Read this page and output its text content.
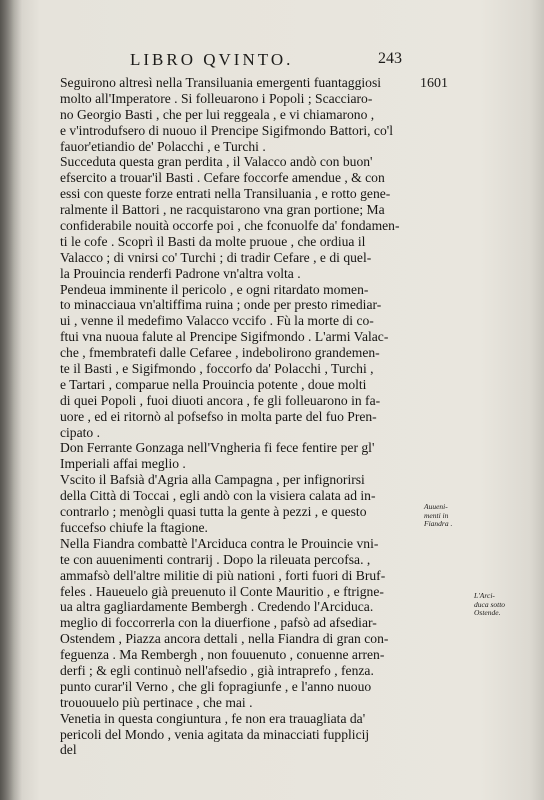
LIBRO QVINTO.	243
1601
Seguirono altresì nella Transiluania emergenti fuantaggiosi
molto all'Imperatore . Si folleuarono i Popoli ; Scacciaro-
no Georgio Basti , che per lui reggeala , e vi chiamarono ,
e v'introdufsero di nuouo il Prencipe Sigifmondo Battori, co'l
fauor'etiandio de' Polacchi , e Turchi .
Succeduta questa gran perdita , il Valacco andò con buon'
efsercito a trouar'il Basti . Cefare foccorfe amendue , & con
essi con queste forze entrati nella Transiluania , e rotto gene-
ralmente il Battori , ne racquistarono vna gran portione; Ma
confiderabile nouità occorfe poi , che fconuolfe da' fondamen-
ti le cofe . Scoprì il Basti da molte pruoue , che ordiua il
Valacco ; di vnirsi co' Turchi ; di tradir Cefare , e di quel-
la Prouincia renderfi Padrone vn'altra volta .
Pendeua imminente il pericolo , e ogni ritardato momen-
to minacciaua vn'altiffima ruina ; onde per presto rimediar-
ui , venne il medefimo Valacco vccifo . Fù la morte di co-
ftui vna nuoua falute al Prencipe Sigifmondo . L'armi Valac-
che , fmembratefi dalle Cefaree , indebolirono grandemen-
te il Basti , e Sigifmondo , foccorfo da' Polacchi , Turchi ,
e Tartari , comparue nella Prouincia potente , doue molti
di quei Popoli , fuoi diuoti ancora , fe gli folleuarono in fa-
uore , ed ei ritornò al pofsefso in molta parte del fuo Pren-
cipato .
Don Ferrante Gonzaga nell'Vngheria fi fece fentire per gl'
Imperiali affai meglio .
Vscito il Bafsià d'Agria alla Campagna , per infignorirsi
della Città di Toccai , egli andò con la visiera calata ad in-
contrarlo ; menògli quasi tutta la gente à pezzi , e questo
fuccefso chiufe la ftagione.
Nella Fiandra combattè l'Arciduca contra le Prouincie vni-
te con auuenimenti contrarij . Dopo la rileuata percofsa. ,
ammafsò dell'altre militie di più nationi , forti fuori di Bruf-
feles . Haueuelo già preuenuto il Conte Mauritio , e ftrigne-
ua altra gagliardamente Bembergh . Credendo l'Arciduca.
meglio di foccorrerla con la diuerfione , pafsò ad afsediar-
Ostendem , Piazza ancora dettali , nella Fiandra di gran con-
feguenza . Ma Rembergh , non fouuenuto , conuenne arren-
derfi ; & egli continuò nell'afsedio , già intraprefo , fenza.
punto curar'il Verno , che gli fopragiunfe , e l'anno nuouo
trououuelo più pertinace , che mai .
Venetia in questa congiuntura , fe non era trauagliata da'
pericoli del Mondo , venia agitata da minacciati fupplicij
del
Auueni-
menti in
Fiandra .
L'Arci-
duca sotto
Ostende.
